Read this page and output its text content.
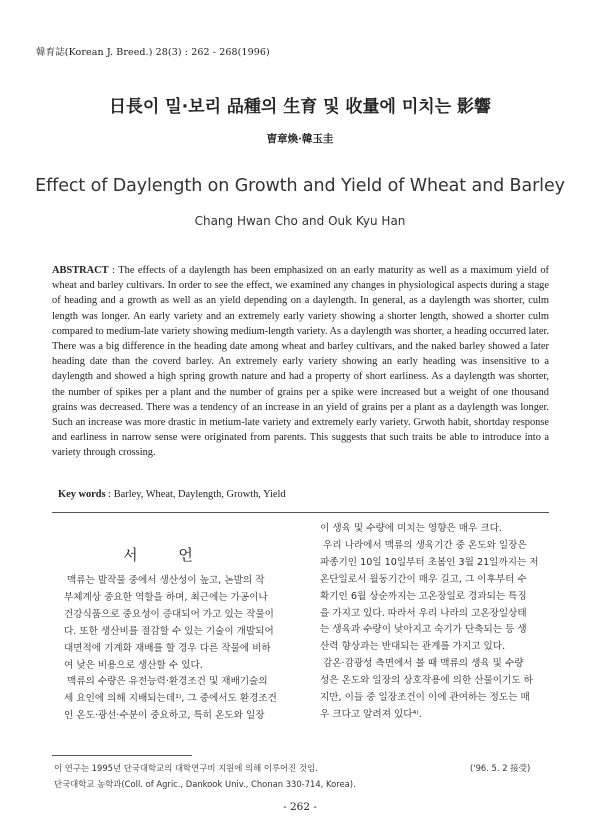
韓育誌(Korean J. Breed.) 28(3) : 262 - 268(1996)
日長이 밀·보리 品種의 生育 및 收量에 미치는 影響
曺章煥·韓玉圭
Effect of Daylength on Growth and Yield of Wheat and Barley
Chang Hwan Cho and Ouk Kyu Han
ABSTRACT : The effects of a daylength has been emphasized on an early maturity as well as a maximum yield of wheat and barley cultivars. In order to see the effect, we examined any changes in physiological aspects during a stage of heading and a growth as well as an yield depending on a daylength. In general, as a daylength was shorter, culm length was longer. An early variety and an extremely early variety showing a shorter length, showed a shorter culm compared to medium-late variety showing medium-length variety. As a daylength was shorter, a heading occurred later. There was a big difference in the heading date among wheat and barley cultivars, and the naked barley showed a later heading date than the coverd barley. An extremely early variety showing an early heading was insensitive to a daylength and showed a high spring growth nature and had a property of short earliness. As a daylength was shorter, the number of spikes per a plant and the number of grains per a spike were increased but a weight of one thousand grains was decreased. There was a tendency of an increase in an yield of grains per a plant as a daylength was longer. Such an increase was more drastic in metium-late variety and extremely early variety. Grwoth habit, shortday response and earliness in narrow sense were originated from parents. This suggests that such traits be able to introduce into a variety through crossing.
Key words : Barley, Wheat, Daylength, Growth, Yield
서 언
맥류는 발작물 중에서 생산성이 높고, 논발의 작
부체계상 중요한 역할을 하며, 최근에는 가공이나
건강식품으로 중요성이 증대되어 가고 있는 작물이
다. 또한 생산비를 절감할 수 있는 기술이 개발되어
대면적에 기계화 재배를 할 경우 다른 작물에 비하
여 낮은 비용으로 생산할 수 있다.
맥류의 수량은 유전능력·환경조건 및 재배기술의
세 요인에 의해 지배되는데¹⁾, 그 중에서도 환경조건
인 온도·광선·수분이 중요하고, 특히 온도와 일장
이 생육 및 수량에 미치는 영향은 매우 크다.
우리 나라에서 맥류의 생육기간 중 온도와 일장은
파종기인 10일 10일부터 초봄인 3월 21일까지는 저
온단일로서 월동기간이 매우 길고, 그 이후부터 수
확기인 6월 상순까지는 고온장일로 경과되는 특징
을 가지고 있다. 따라서 우리 나라의 고온장일상태
는 생육과 수량이 낮아지고 숙기가 단축되는 등 생
산력 향상과는 반대되는 관계를 가지고 있다.
감온·감광성 측면에서 볼 때 맥류의 생육 및 수량
성은 온도와 일장의 상호작용에 의한 산물이기도 하
지만, 이들 중 일장조건이 이에 관여하는 정도는 매
우 크다고 알려져 있다⁴⁾.
이 연구는 1995년 단국대학교의 대학연구비 지원에 의해 이루어진 것임.
단국대학교 농학과(Coll. of Agric., Dankook Univ., Chonan 330-714, Korea).
('96. 5. 2 接受)
- 262 -
